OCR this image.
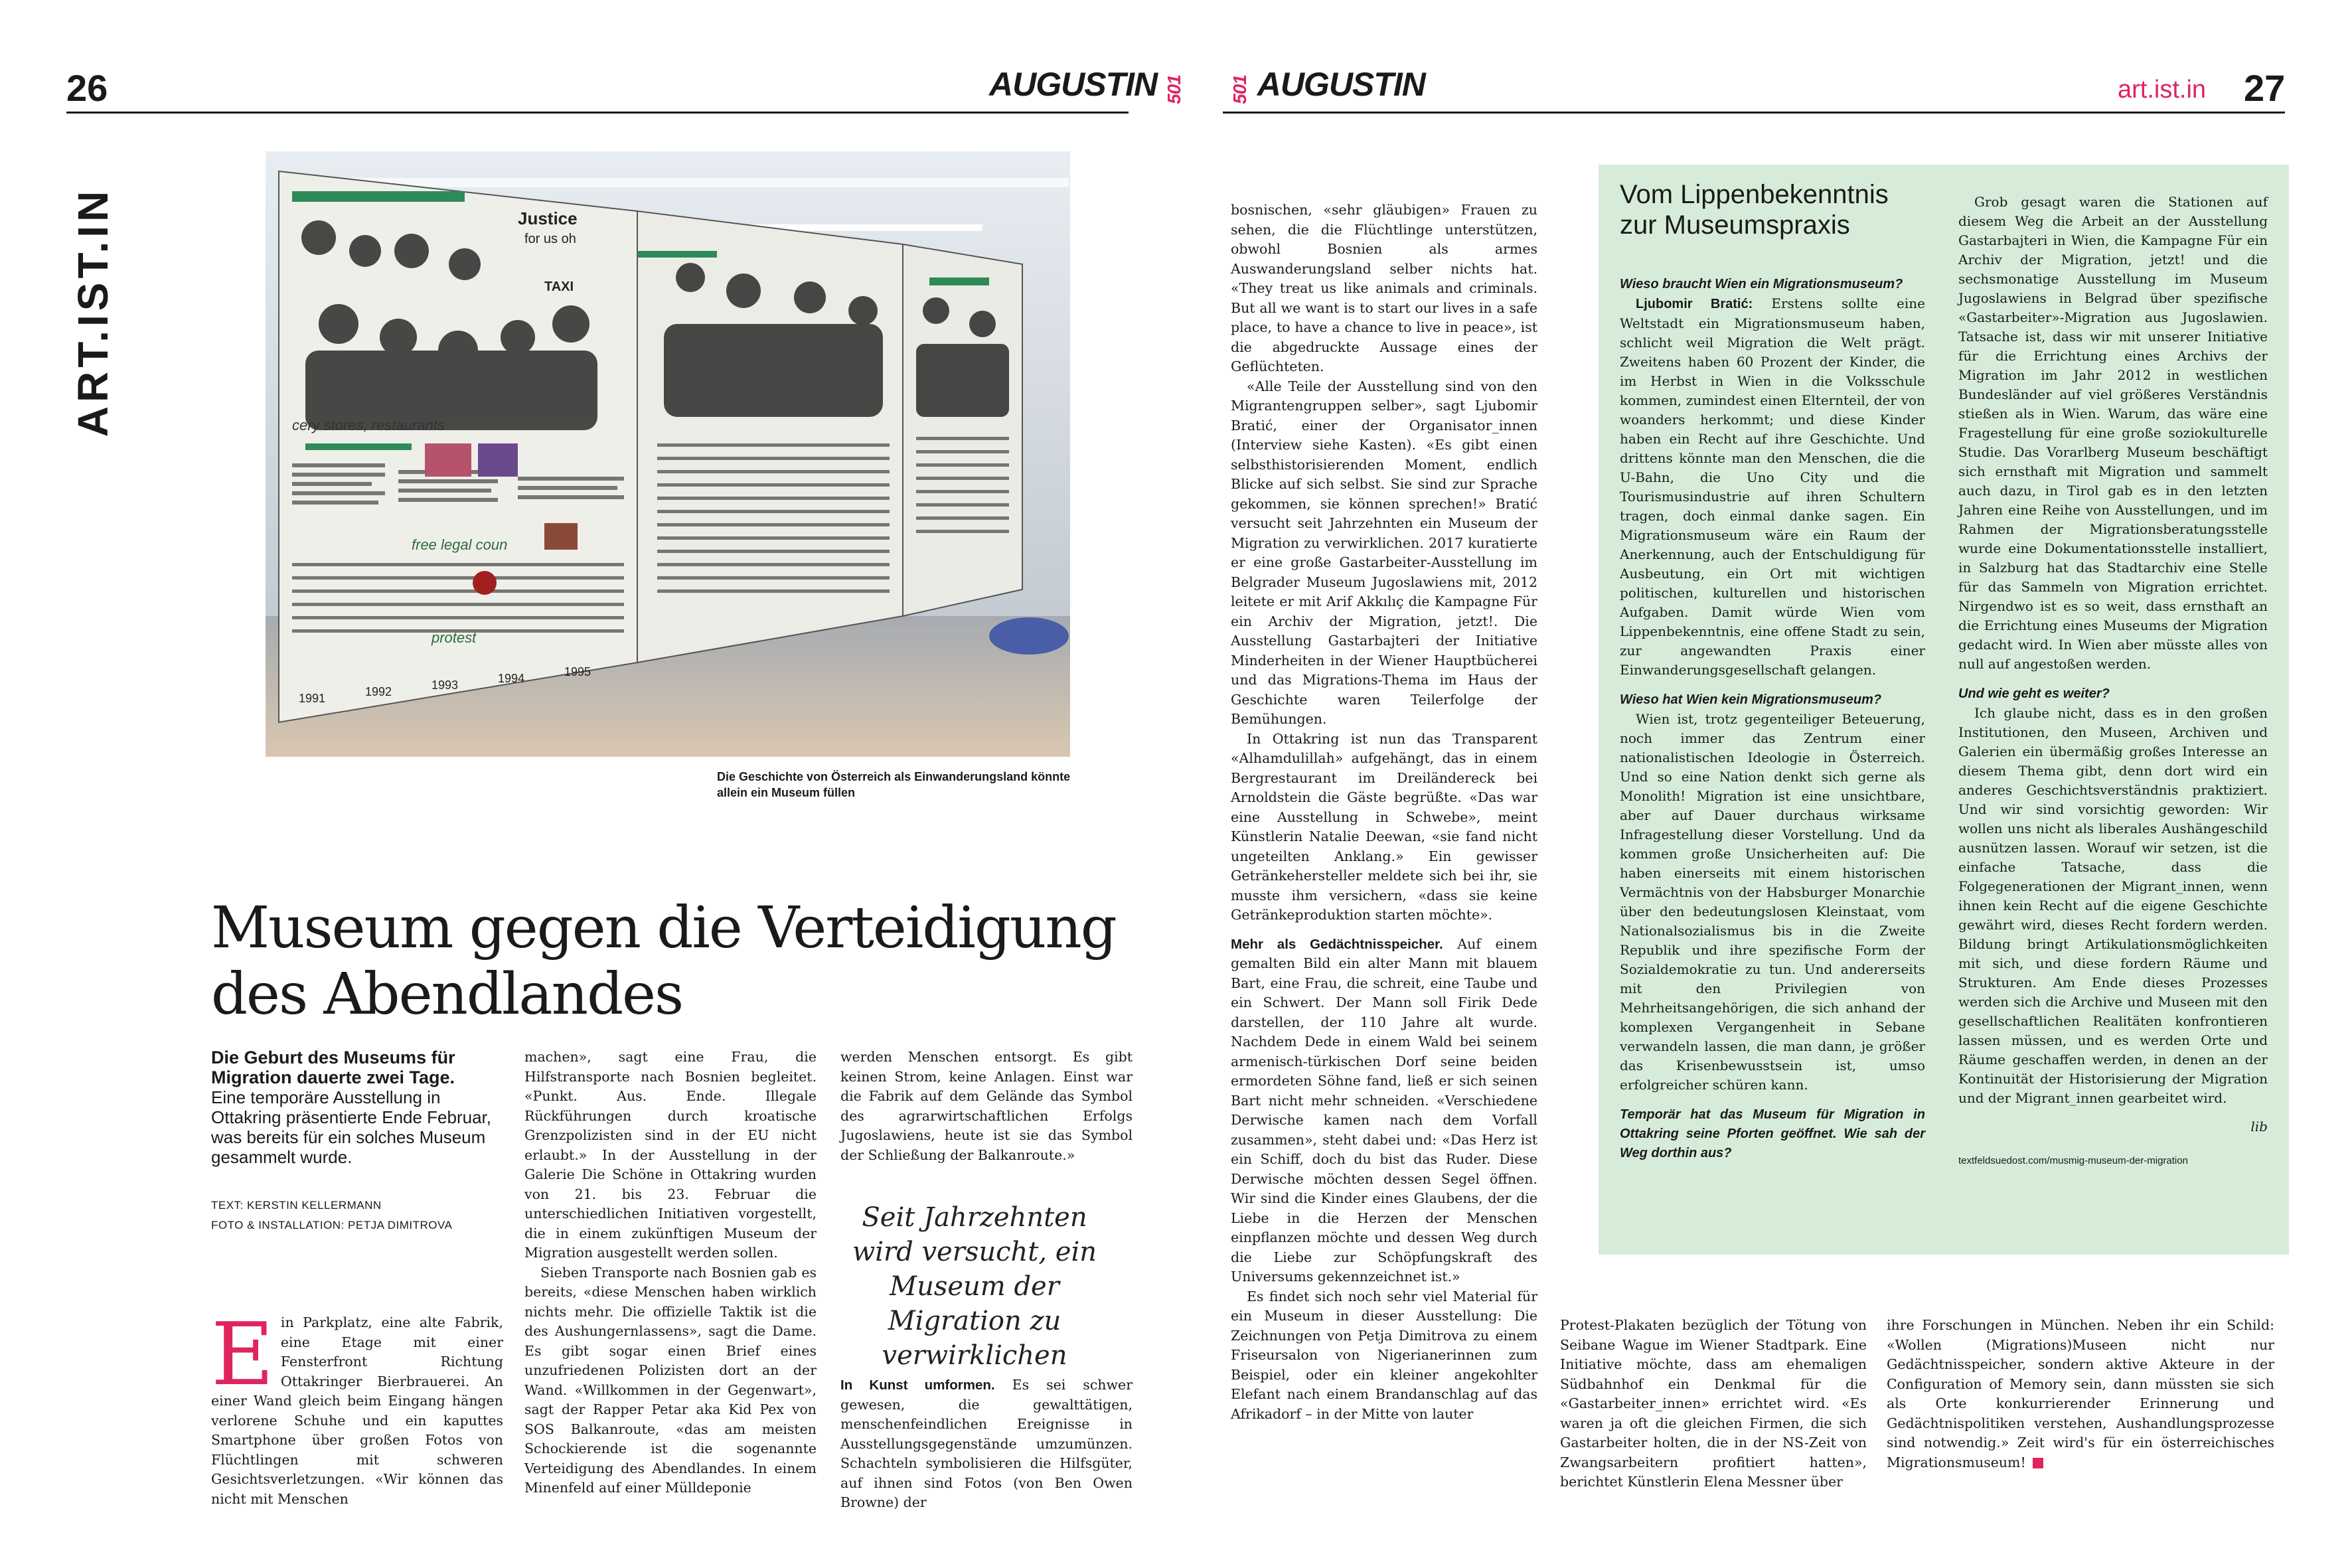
26	AUGUSTIN 501
ART.IST.IN	Justice
for us oh
TAXI
free legal coun
protest
cery stores, restaurants
1991	1992	1993	1994	1995
Die Geschichte von Österreich als Einwanderungsland könnte allein ein Museum füllen
Museum gegen die Verteidigung des Abendlandes
Die Geburt des Museums für Migration dauerte zwei Tage.
Eine temporäre Ausstellung in Ottakring präsentierte Ende Februar, was bereits für ein solches Museum gesammelt wurde.
TEXT: KERSTIN KELLERMANN
FOTO & INSTALLATION: PETJA DIMITROVA

Ein Parkplatz, eine alte Fabrik, eine Etage mit einer Fensterfront Richtung Ottakringer Bierbrauerei. An einer Wand gleich beim Eingang hängen verlorene Schuhe und ein kaputtes Smartphone über großen Fotos von Flüchtlingen mit schweren Gesichtsverletzungen. «Wir können das nicht mit Menschen

machen», sagt eine Frau, die Hilfstransporte nach Bosnien begleitet. «Punkt. Aus. Ende. Illegale Rückführungen durch kroatische Grenzpolizisten sind in der EU nicht erlaubt.» In der Ausstellung in der Galerie Die Schöne in Ottakring wurden von 21. bis 23. Februar die unterschiedlichen Initiativen vorgestellt, die in einem zukünftigen Museum der Migration ausgestellt werden sollen.

Sieben Transporte nach Bosnien gab es bereits, «diese Menschen haben wirklich nichts mehr. Die offizielle Taktik ist die des Aushungernlassens», sagt die Dame. Es gibt sogar einen Brief eines unzufriedenen Polizisten dort an der Wand. «Willkommen in der Gegenwart», sagt der Rapper Petar aka Kid Pex von SOS Balkanroute, «das am meisten Schockierende ist die sogenannte Verteidigung des Abendlandes. In einem Minenfeld auf einer Mülldeponie

werden Menschen entsorgt. Es gibt keinen Strom, keine Anlagen. Einst war die Fabrik auf dem Gelände das Symbol des agrarwirtschaftlichen Erfolgs Jugoslawiens, heute ist sie das Symbol der Schließung der Balkanroute.»

Seit Jahrzehnten wird versucht, ein Museum der Migration zu verwirklichen

In Kunst umformen. Es sei schwer gewesen, die gewalttätigen, menschenfeindlichen Ereignisse in Ausstellungsgegenstände umzumünzen. Schachteln symbolisieren die Hilfsgüter, auf ihnen sind Fotos (von Ben Owen Browne) der

501 AUGUSTIN	art.ist.in 27

bosnischen, «sehr gläubigen» Frauen zu sehen, die die Flüchtlinge unterstützen, obwohl Bosnien als armes Auswanderungsland selber nichts hat. «They treat us like animals and criminals. But all we want is to start our lives in a safe place, to have a chance to live in peace», ist die abgedruckte Aussage eines der Geflüchteten.

«Alle Teile der Ausstellung sind von den Migrantengruppen selber», sagt Ljubomir Bratić, einer der Organisator_innen (Interview siehe Kasten). «Es gibt einen selbsthistorisierenden Moment, endlich Blicke auf sich selbst. Sie sind zur Sprache gekommen, sie können sprechen!» Bratić versucht seit Jahrzehnten ein Museum der Migration zu verwirklichen. 2017 kuratierte er eine große Gastarbeiter-Ausstellung im Belgrader Museum Jugoslawiens mit, 2012 leitete er mit Arif Akkılıç die Kampagne Für ein Archiv der Migration, jetzt!. Die Ausstellung Gastarbajteri der Initiative Minderheiten in der Wiener Hauptbücherei und das Migrations-Thema im Haus der Geschichte waren Teilerfolge der Bemühungen.

In Ottakring ist nun das Transparent «Alhamdulillah» aufgehängt, das in einem Bergrestaurant im Dreiländereck bei Arnoldstein die Gäste begrüßte. «Das war eine Ausstellung in Schwebe», meint Künstlerin Natalie Deewan, «sie fand nicht ungeteilten Anklang.» Ein gewisser Getränkehersteller meldete sich bei ihr, sie musste ihm versichern, «dass sie keine Getränkeproduktion starten möchte».

Mehr als Gedächtnisspeicher. Auf einem gemalten Bild ein alter Mann mit blauem Bart, eine Frau, die schreit, eine Taube und ein Schwert. Der Mann soll Firik Dede darstellen, der 110 Jahre alt wurde. Nachdem Dede in einem Wald bei seinem armenisch-türkischen Dorf seine beiden ermordeten Söhne fand, ließ er sich seinen Bart nicht mehr schneiden. «Verschiedene Derwische kamen nach dem Vorfall zusammen», steht dabei und: «Das Herz ist ein Schiff, doch du bist das Ruder. Diese Derwische möchten dessen Segel öffnen. Wir sind die Kinder eines Glaubens, der die Liebe in die Herzen der Menschen einpflanzen möchte und dessen Weg durch die Liebe zur Schöpfungskraft des Universums gekennzeichnet ist.»

Es findet sich noch sehr viel Material für ein Museum in dieser Ausstellung: Die Zeichnungen von Petja Dimitrova zu einem Friseursalon von Nigerianerinnen zum Beispiel, oder ein kleiner angekohlter Elefant nach einem Brandanschlag auf das Afrikadorf – in der Mitte von lauter

Vom Lippenbekenntnis zur Museumspraxis

Wieso braucht Wien ein Migrationsmuseum?

Ljubomir Bratić: Erstens sollte eine Weltstadt ein Migrationsmuseum haben, schlicht weil Migration die Welt prägt. Zweitens haben 60 Prozent der Kinder, die im Herbst in Wien in die Volksschule kommen, zumindest einen Elternteil, der von woanders herkommt; und diese Kinder haben ein Recht auf ihre Geschichte. Und drittens könnte man den Menschen, die die U-Bahn, die Uno City und die Tourismusindustrie auf ihren Schultern tragen, doch einmal danke sagen. Ein Migrationsmuseum wäre ein Raum der Anerkennung, auch der Entschuldigung für Ausbeutung, ein Ort mit wichtigen politischen, kulturellen und historischen Aufgaben. Damit würde Wien vom Lippenbekenntnis, eine offene Stadt zu sein, zur angewandten Praxis einer Einwanderungsgesellschaft gelangen.

Wieso hat Wien kein Migrationsmuseum?

Wien ist, trotz gegenteiliger Beteuerung, noch immer das Zentrum einer nationalistischen Ideologie in Österreich. Und so eine Nation denkt sich gerne als Monolith! Migration ist eine unsichtbare, aber auf Dauer durchaus wirksame Infragestellung dieser Vorstellung. Und da kommen große Unsicherheiten auf: Die haben einerseits mit einem historischen Vermächtnis von der Habsburger Monarchie über den bedeutungslosen Kleinstaat, vom Nationalsozialismus bis in die Zweite Republik und ihre spezifische Form der Sozialdemokratie zu tun. Und andererseits mit den Privilegien von Mehrheitsangehörigen, die sich anhand der komplexen Vergangenheit in Sebane verwandeln lassen, die man dann, je größer das Krisenbewusstsein ist, umso erfolgreicher schüren kann.

Temporär hat das Museum für Migration in Ottakring seine Pforten geöffnet. Wie sah der Weg dorthin aus?

Grob gesagt waren die Stationen auf diesem Weg die Arbeit an der Ausstellung Gastarbajteri in Wien, die Kampagne Für ein Archiv der Migration, jetzt! und die sechsmonatige Ausstellung im Museum Jugoslawiens in Belgrad über spezifische «Gastarbeiter»-Migration aus Jugoslawien. Tatsache ist, dass wir mit unserer Initiative für die Errichtung eines Archivs der Migration im Jahr 2012 in westlichen Bundesländer auf viel größeres Verständnis stießen als in Wien. Warum, das wäre eine Fragestellung für eine große soziokulturelle Studie. Das Vorarlberg Museum beschäftigt sich ernsthaft mit Migration und sammelt auch dazu, in Tirol gab es in den letzten Jahren eine Reihe von Ausstellungen, und im Rahmen der Migrationsberatungsstelle wurde eine Dokumentationsstelle installiert, in Salzburg hat das Stadtarchiv eine Stelle für das Sammeln von Migration errichtet. Nirgendwo ist es so weit, dass ernsthaft an die Errichtung eines Museums der Migration gedacht wird. In Wien aber müsste alles von null auf angestoßen werden.

Und wie geht es weiter?

Ich glaube nicht, dass es in den großen Institutionen, den Museen, Archiven und Galerien ein übermäßig großes Interesse an diesem Thema gibt, denn dort wird ein anderes Geschichtsverständnis praktiziert. Und wir sind vorsichtig geworden: Wir wollen uns nicht als liberales Aushängeschild ausnützen lassen. Worauf wir setzen, ist die einfache Tatsache, dass die Folgegenerationen der Migrant_innen, wenn ihnen kein Recht auf die eigene Geschichte gewährt wird, dieses Recht fordern werden. Bildung bringt Artikulationsmöglichkeiten mit sich, und diese fordern Räume und Strukturen. Am Ende dieses Prozesses werden sich die Archive und Museen mit den gesellschaftlichen Realitäten konfrontieren lassen müssen, und es werden Orte und Räume geschaffen werden, in denen an der Kontinuität der Historisierung der Migration und der Migrant_innen gearbeitet wird.

lib

textfeldsuedost.com/musmig-museum-der-migration

Protest-Plakaten bezüglich der Tötung von Seibane Wague im Wiener Stadtpark. Eine Initiative möchte, dass am ehemaligen Südbahnhof ein Denkmal für die «Gastarbeiter_innen» errichtet wird. «Es waren ja oft die gleichen Firmen, die sich Gastarbeiter holten, die in der NS-Zeit von Zwangsarbeitern profitiert hatten», berichtet Künstlerin Elena Messner über

ihre Forschungen in München. Neben ihr ein Schild: «Wollen (Migrations)Museen nicht nur Gedächtnisspeicher, sondern aktive Akteure in der Configuration of Memory sein, dann müssten sie sich als Orte konkurrierender Erinnerung und Gedächtnispolitiken verstehen, Aushandlungsprozesse sind notwendig.» Zeit wird's für ein österreichisches Migrationsmuseum!
